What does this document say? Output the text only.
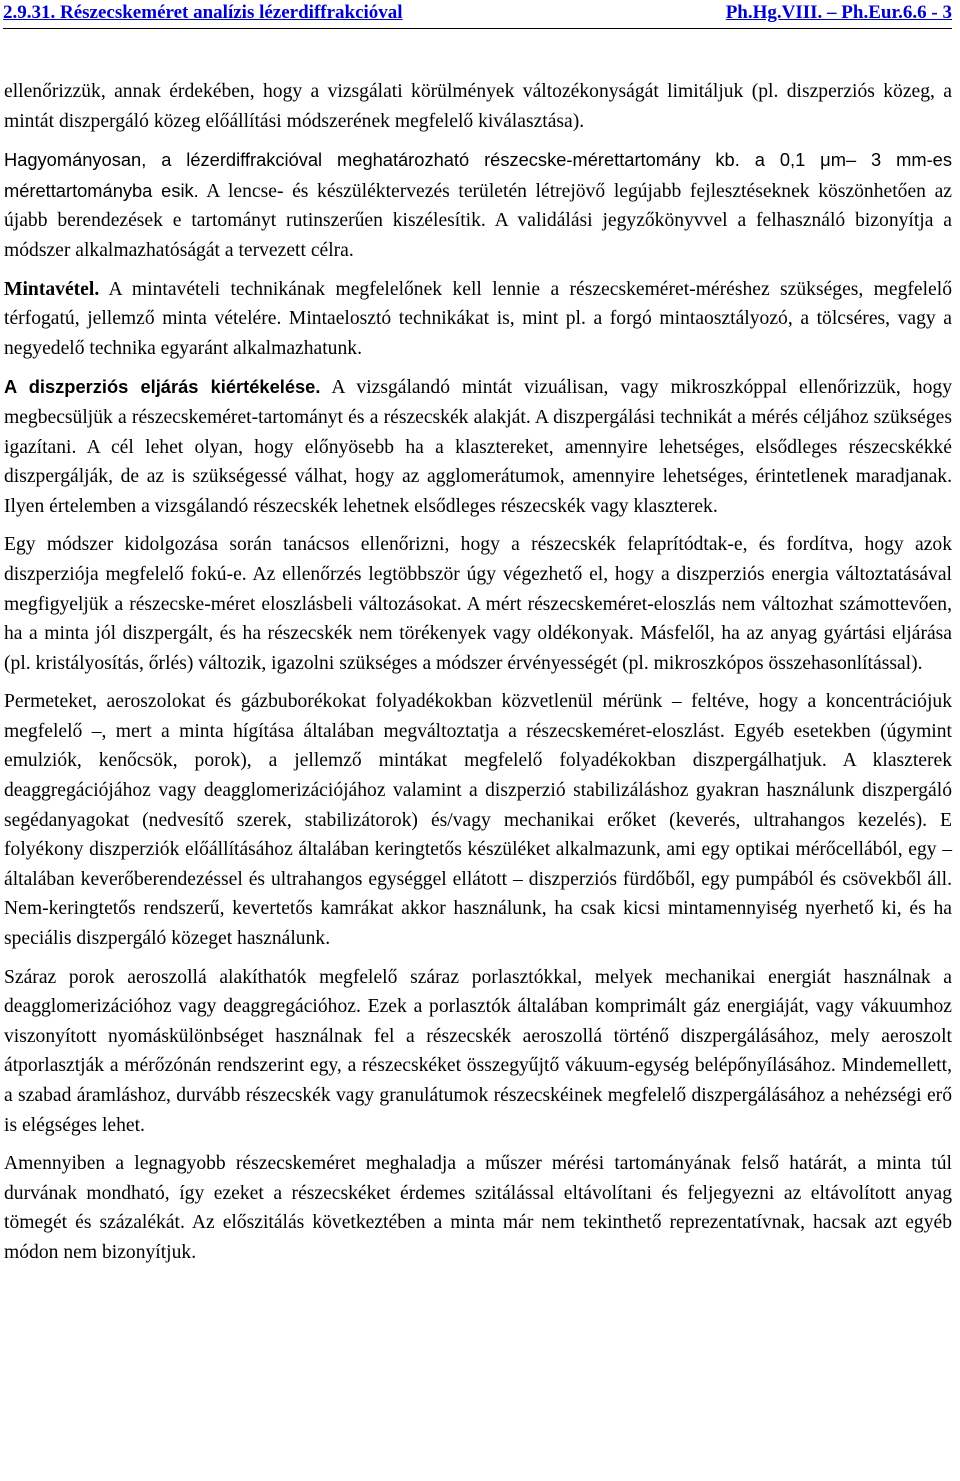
2.9.31. Részecskeméret analízis lézerdiffrakcióval	Ph.Hg.VIII. – Ph.Eur.6.6 - 3

ellenőrizzük, annak érdekében, hogy a vizsgálati körülmények változékonyságát limitáljuk (pl. diszperziós közeg, a mintát diszpergáló közeg előállítási módszerének megfelelő kiválasztása).

Hagyományosan, a lézerdiffrakcióval meghatározható részecske-mérettartomány kb. a 0,1 μm– 3 mm-es mérettartományba esik. A lencse- és készüléktervezés területén létrejövő legújabb fejlesztéseknek köszönhetően az újabb berendezések e tartományt rutinszerűen kiszélesítik. A validálási jegyzőkönyvvel a felhasználó bizonyítja a módszer alkalmazhatóságát a tervezett célra.

Mintavétel. A mintavételi technikának megfelelőnek kell lennie a részecskeméret-méréshez szükséges, megfelelő térfogatú, jellemző minta vételére. Mintaelosztó technikákat is, mint pl. a forgó mintaosztályozó, a tölcséres, vagy a negyedelő technika egyaránt alkalmazhatunk.

A diszperziós eljárás kiértékelése. A vizsgálandó mintát vizuálisan, vagy mikroszkóppal ellenőrizzük, hogy megbecsüljük a részecskeméret-tartományt és a részecskék alakját. A diszpergálási technikát a mérés céljához szükséges igazítani. A cél lehet olyan, hogy előnyösebb ha a klasztereket, amennyire lehetséges, elsődleges részecskékké diszpergálják, de az is szükségessé válhat, hogy az agglomerátumok, amennyire lehetséges, érintetlenek maradjanak. Ilyen értelemben a vizsgálandó részecskék lehetnek elsődleges részecskék vagy klaszterek.

Egy módszer kidolgozása során tanácsos ellenőrizni, hogy a részecskék felaprítódtak-e, és fordítva, hogy azok diszperziója megfelelő fokú-e. Az ellenőrzés legtöbbször úgy végezhető el, hogy a diszperziós energia változtatásával megfigyeljük a részecske-méret eloszlásbeli változásokat. A mért részecskeméret-eloszlás nem változhat számottevően, ha a minta jól diszpergált, és ha részecskék nem törékenyek vagy oldékonyak. Másfelől, ha az anyag gyártási eljárása (pl. kristályosítás, őrlés) változik, igazolni szükséges a módszer érvényességét (pl. mikroszkópos összehasonlítással).

Permeteket, aeroszolokat és gázbuborékokat folyadékokban közvetlenül mérünk – feltéve, hogy a koncentrációjuk megfelelő –, mert a minta hígítása általában megváltoztatja a részecskeméret-eloszlást. Egyéb esetekben (úgymint emulziók, kenőcsök, porok), a jellemző mintákat megfelelő folyadékokban diszpergálhatjuk. A klaszterek deaggregációjához vagy deagglomerizációjához valamint a diszperzió stabilizáláshoz gyakran használunk diszpergáló segédanyagokat (nedvesítő szerek, stabilizátorok) és/vagy mechanikai erőket (keverés, ultrahangos kezelés). E folyékony diszperziók előállításához általában keringtetős készüléket alkalmazunk, ami egy optikai mérőcellából, egy – általában keverőberendezéssel és ultrahangos egységgel ellátott – diszperziós fürdőből, egy pumpából és csövekből áll. Nem-keringtetős rendszerű, kevertetős kamrákat akkor használunk, ha csak kicsi mintamennyiség nyerhető ki, és ha speciális diszpergáló közeget használunk.

Száraz porok aeroszollá alakíthatók megfelelő száraz porlasztókkal, melyek mechanikai energiát használnak a deagglomerizációhoz vagy deaggregációhoz. Ezek a porlasztók általában komprimált gáz energiáját, vagy vákuumhoz viszonyított nyomáskülönbséget használnak fel a részecskék aeroszollá történő diszpergálásához, mely aeroszolt átporlasztják a mérőzónán rendszerint egy, a részecskéket összegyűjtő vákuum-egység belépőnyílásához. Mindemellett, a szabad áramláshoz, durvább részecskék vagy granulátumok részecskéinek megfelelő diszpergálásához a nehézségi erő is elégséges lehet.

Amennyiben a legnagyobb részecskeméret meghaladja a műszer mérési tartományának felső határát, a minta túl durvának mondható, így ezeket a részecskéket érdemes szitálással eltávolítani és feljegyezni az eltávolított anyag tömegét és százalékát. Az előszitálás következtében a minta már nem tekinthető reprezentatívnak, hacsak azt egyéb módon nem bizonyítjuk.
